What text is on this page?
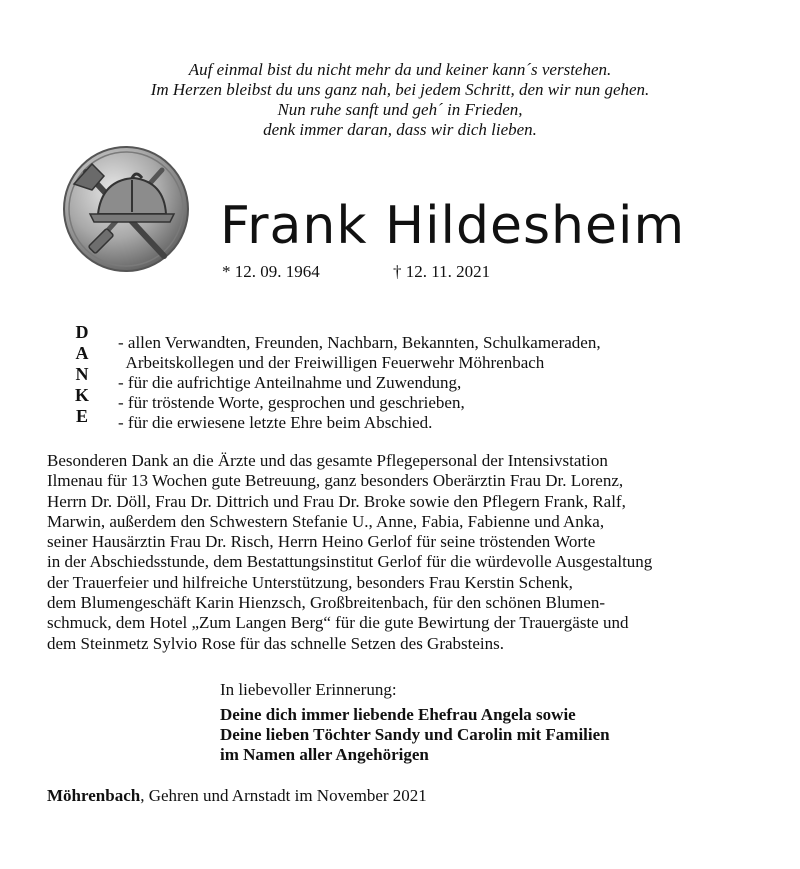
Auf einmal bist du nicht mehr da und keiner kann´s verstehen.
Im Herzen bleibst du uns ganz nah, bei jedem Schritt, den wir nun gehen.
Nun ruhe sanft und geh´ in Frieden,
denk immer daran, dass wir dich lieben.
Frank Hildesheim
* 12. 09. 1964	† 12. 11. 2021
D
A
N
K
E
- allen Verwandten, Freunden, Nachbarn, Bekannten, Schulkameraden,
Arbeitskollegen und der Freiwilligen Feuerwehr Möhrenbach
- für die aufrichtige Anteilnahme und Zuwendung,
- für tröstende Worte, gesprochen und geschrieben,
- für die erwiesene letzte Ehre beim Abschied.
Besonderen Dank an die Ärzte und das gesamte Pflegepersonal der Intensivstation
Ilmenau für 13 Wochen gute Betreuung, ganz besonders Oberärztin Frau Dr. Lorenz,
Herrn Dr. Döll, Frau Dr. Dittrich und Frau Dr. Broke sowie den Pflegern Frank, Ralf,
Marwin, außerdem den Schwestern Stefanie U., Anne, Fabia, Fabienne und Anka,
seiner Hausärztin Frau Dr. Risch, Herrn Heino Gerlof für seine tröstenden Worte
in der Abschiedsstunde, dem Bestattungsinstitut Gerlof für die würdevolle Ausgestaltung
der Trauerfeier und hilfreiche Unterstützung, besonders Frau Kerstin Schenk,
dem Blumengeschäft Karin Hienzsch, Großbreitenbach, für den schönen Blumen-
schmuck, dem Hotel „Zum Langen Berg“ für die gute Bewirtung der Trauergäste und
dem Steinmetz Sylvio Rose für das schnelle Setzen des Grabsteins.
In liebevoller Erinnerung:
Deine dich immer liebende Ehefrau Angela sowie
Deine lieben Töchter Sandy und Carolin mit Familien
im Namen aller Angehörigen
Möhrenbach, Gehren und Arnstadt im November 2021
